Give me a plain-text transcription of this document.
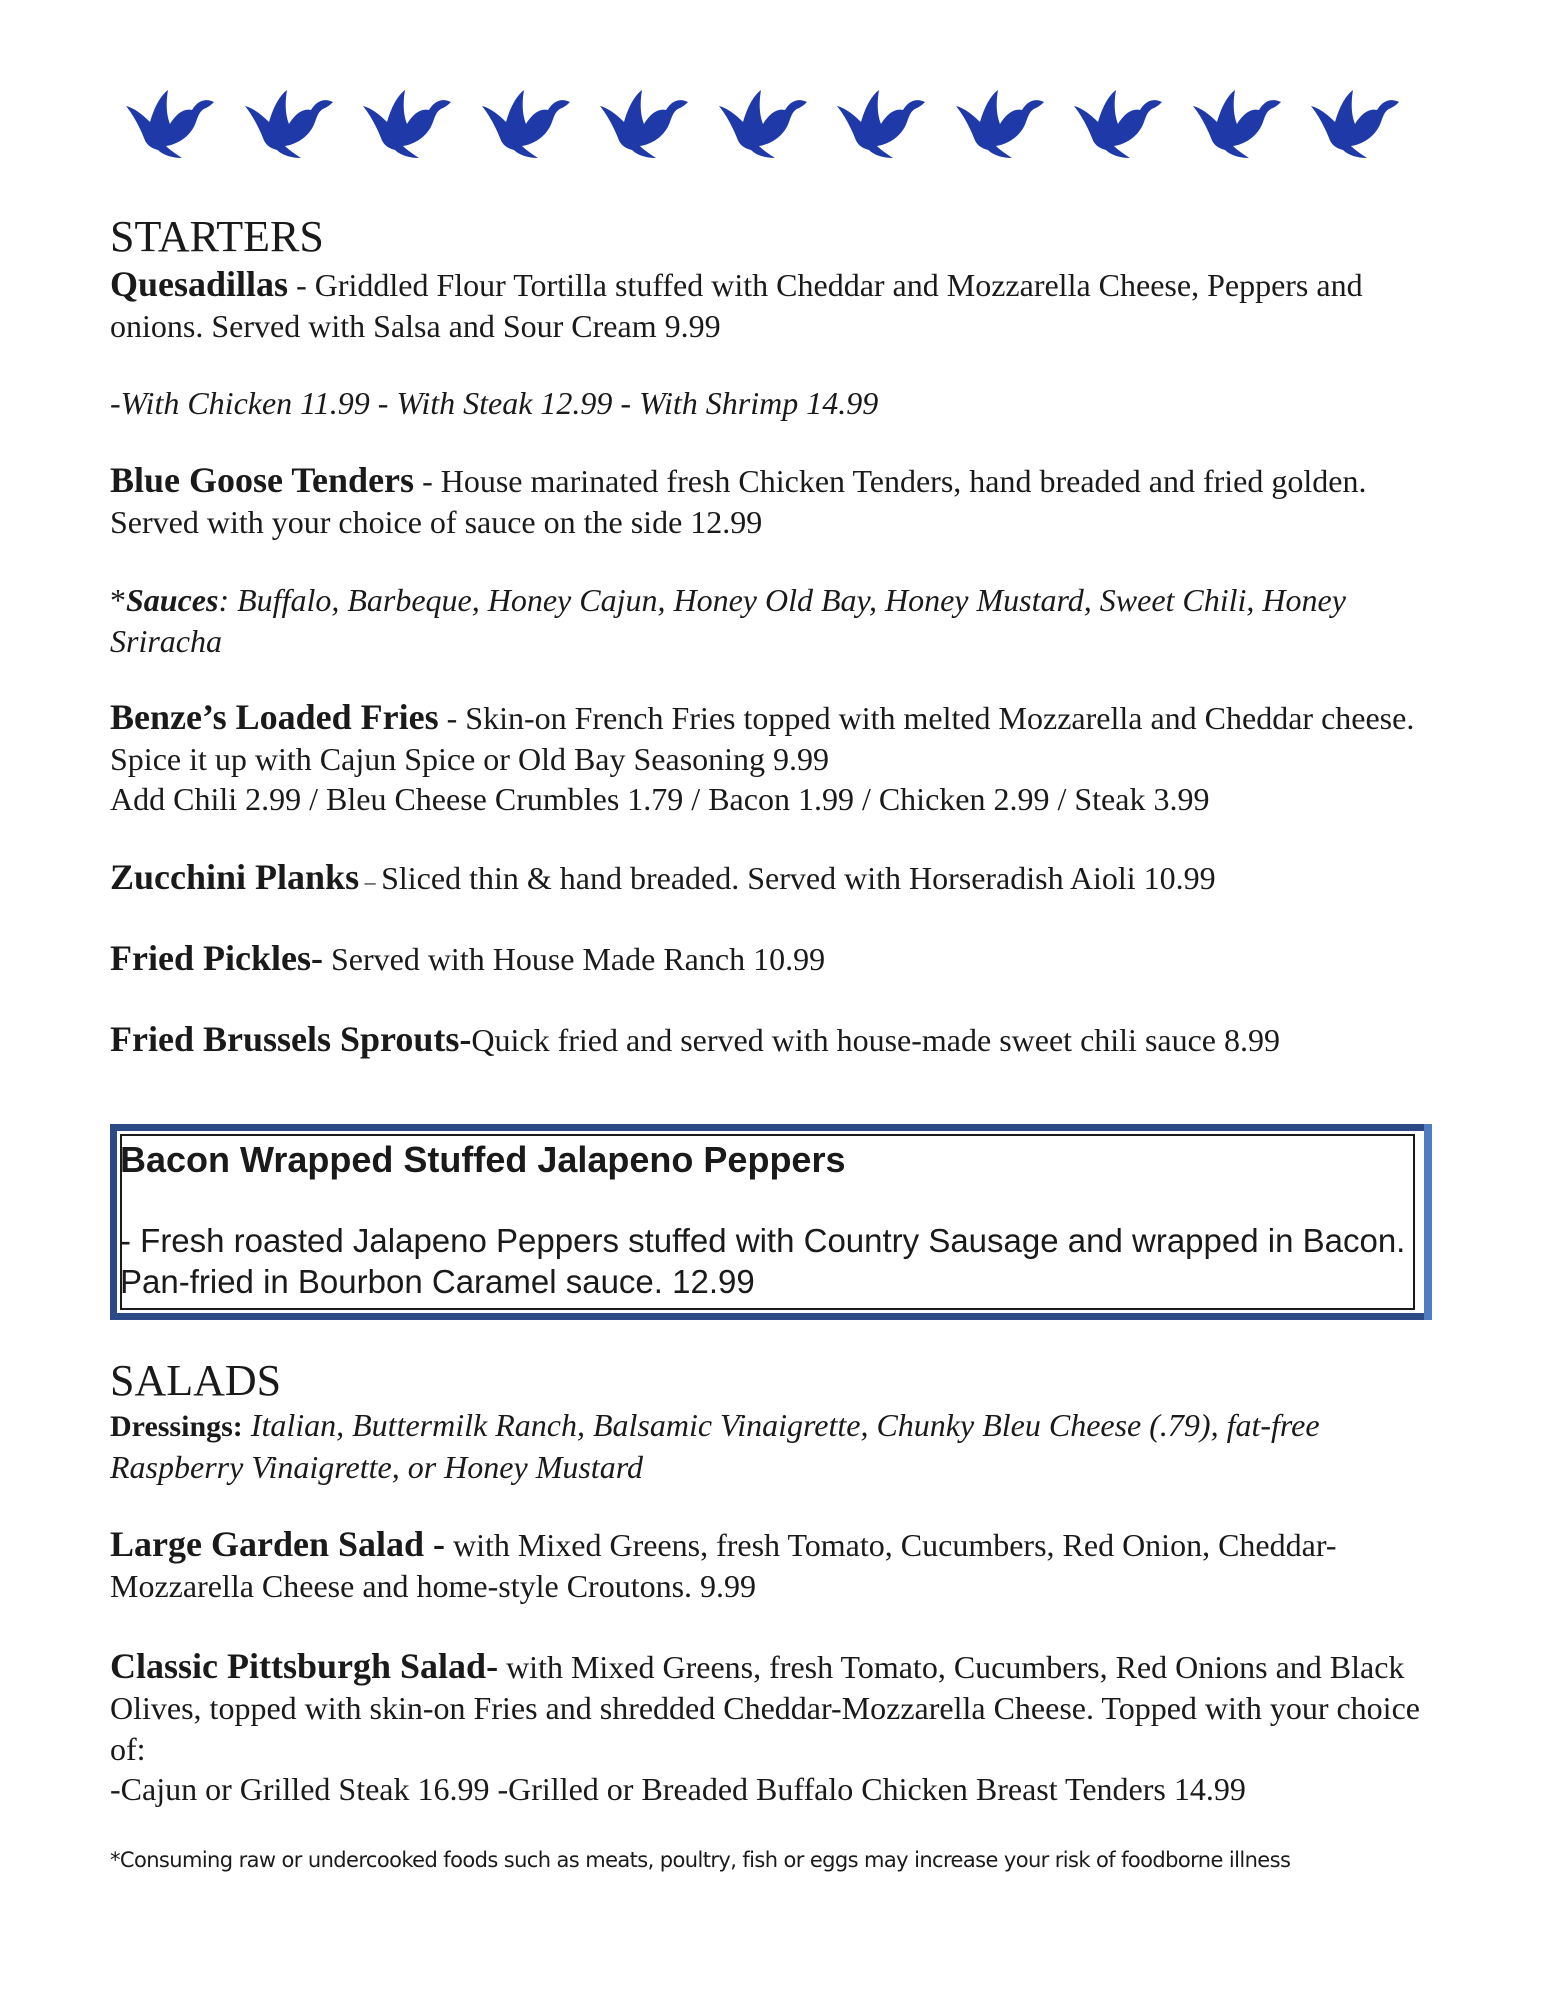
STARTERS
Quesadillas - Griddled Flour Tortilla stuffed with Cheddar and Mozzarella Cheese, Peppers and onions. Served with Salsa and Sour Cream 9.99
-With Chicken 11.99 - With Steak 12.99 - With Shrimp 14.99
Blue Goose Tenders - House marinated fresh Chicken Tenders, hand breaded and fried golden. Served with your choice of sauce on the side 12.99
*Sauces: Buffalo, Barbeque, Honey Cajun, Honey Old Bay, Honey Mustard, Sweet Chili, Honey Sriracha
Benze’s Loaded Fries - Skin-on French Fries topped with melted Mozzarella and Cheddar cheese. Spice it up with Cajun Spice or Old Bay Seasoning 9.99
Add Chili 2.99 / Bleu Cheese Crumbles 1.79 / Bacon 1.99 / Chicken 2.99 / Steak 3.99
Zucchini Planks – Sliced thin & hand breaded. Served with Horseradish Aioli 10.99
Fried Pickles- Served with House Made Ranch 10.99
Fried Brussels Sprouts-Quick fried and served with house-made sweet chili sauce 8.99
Bacon Wrapped Stuffed Jalapeno Peppers
- Fresh roasted Jalapeno Peppers stuffed with Country Sausage and wrapped in Bacon. Pan-fried in Bourbon Caramel sauce. 12.99
SALADS
Dressings: Italian, Buttermilk Ranch, Balsamic Vinaigrette, Chunky Bleu Cheese (.79), fat-free Raspberry Vinaigrette, or Honey Mustard
Large Garden Salad - with Mixed Greens, fresh Tomato, Cucumbers, Red Onion, Cheddar-Mozzarella Cheese and home-style Croutons. 9.99
Classic Pittsburgh Salad- with Mixed Greens, fresh Tomato, Cucumbers, Red Onions and Black Olives, topped with skin-on Fries and shredded Cheddar-Mozzarella Cheese. Topped with your choice of:
-Cajun or Grilled Steak 16.99 -Grilled or Breaded Buffalo Chicken Breast Tenders 14.99
*Consuming raw or undercooked foods such as meats, poultry, fish or eggs may increase your risk of foodborne illness
